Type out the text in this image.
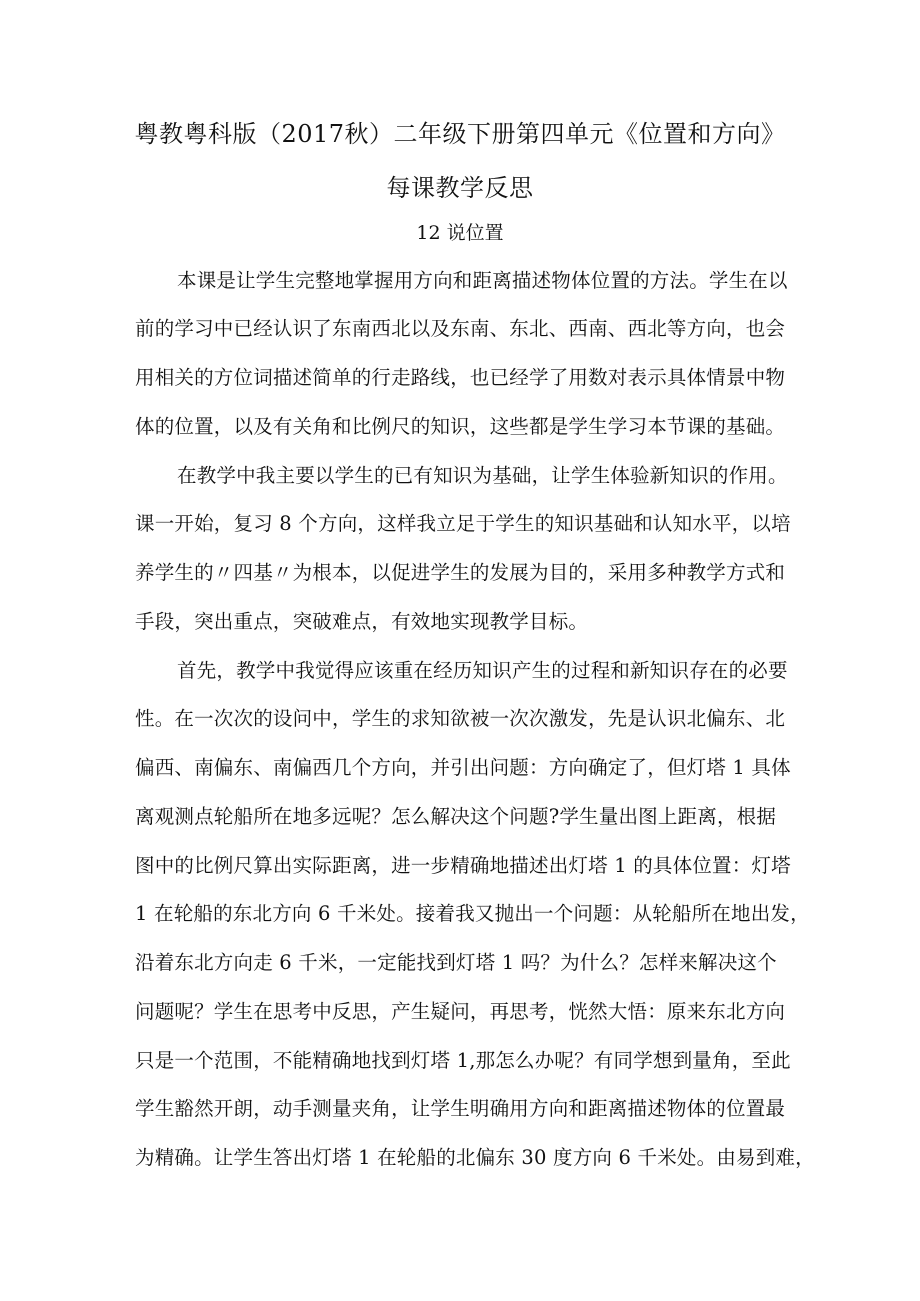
粤教粤科版（2017秋）二年级下册第四单元《位置和方向》
每课教学反思
12 说位置
本课是让学生完整地掌握用方向和距离描述物体位置的方法。学生在以
前的学习中已经认识了东南西北以及东南、东北、西南、西北等方向，也会
用相关的方位词描述简单的行走路线，也已经学了用数对表示具体情景中物
体的位置，以及有关角和比例尺的知识，这些都是学生学习本节课的基础。
在教学中我主要以学生的已有知识为基础，让学生体验新知识的作用。
课一开始，复习 8 个方向，这样我立足于学生的知识基础和认知水平，以培
养学生的〃四基〃为根本，以促进学生的发展为目的，采用多种教学方式和
手段，突出重点，突破难点，有效地实现教学目标。
首先，教学中我觉得应该重在经历知识产生的过程和新知识存在的必要
性。在一次次的设问中，学生的求知欲被一次次激发，先是认识北偏东、北
偏西、南偏东、南偏西几个方向，并引出问题：方向确定了，但灯塔 1 具体
离观测点轮船所在地多远呢？怎么解决这个问题?学生量出图上距离，根据
图中的比例尺算出实际距离，进一步精确地描述出灯塔 1 的具体位置：灯塔
1 在轮船的东北方向 6 千米处。接着我又抛出一个问题：从轮船所在地出发，
沿着东北方向走 6 千米，一定能找到灯塔 1 吗？为什么？怎样来解决这个
问题呢？学生在思考中反思，产生疑问，再思考，恍然大悟：原来东北方向
只是一个范围，不能精确地找到灯塔 1,那怎么办呢？有同学想到量角，至此
学生豁然开朗，动手测量夹角，让学生明确用方向和距离描述物体的位置最
为精确。让学生答出灯塔 1 在轮船的北偏东 30 度方向 6 千米处。由易到难，
